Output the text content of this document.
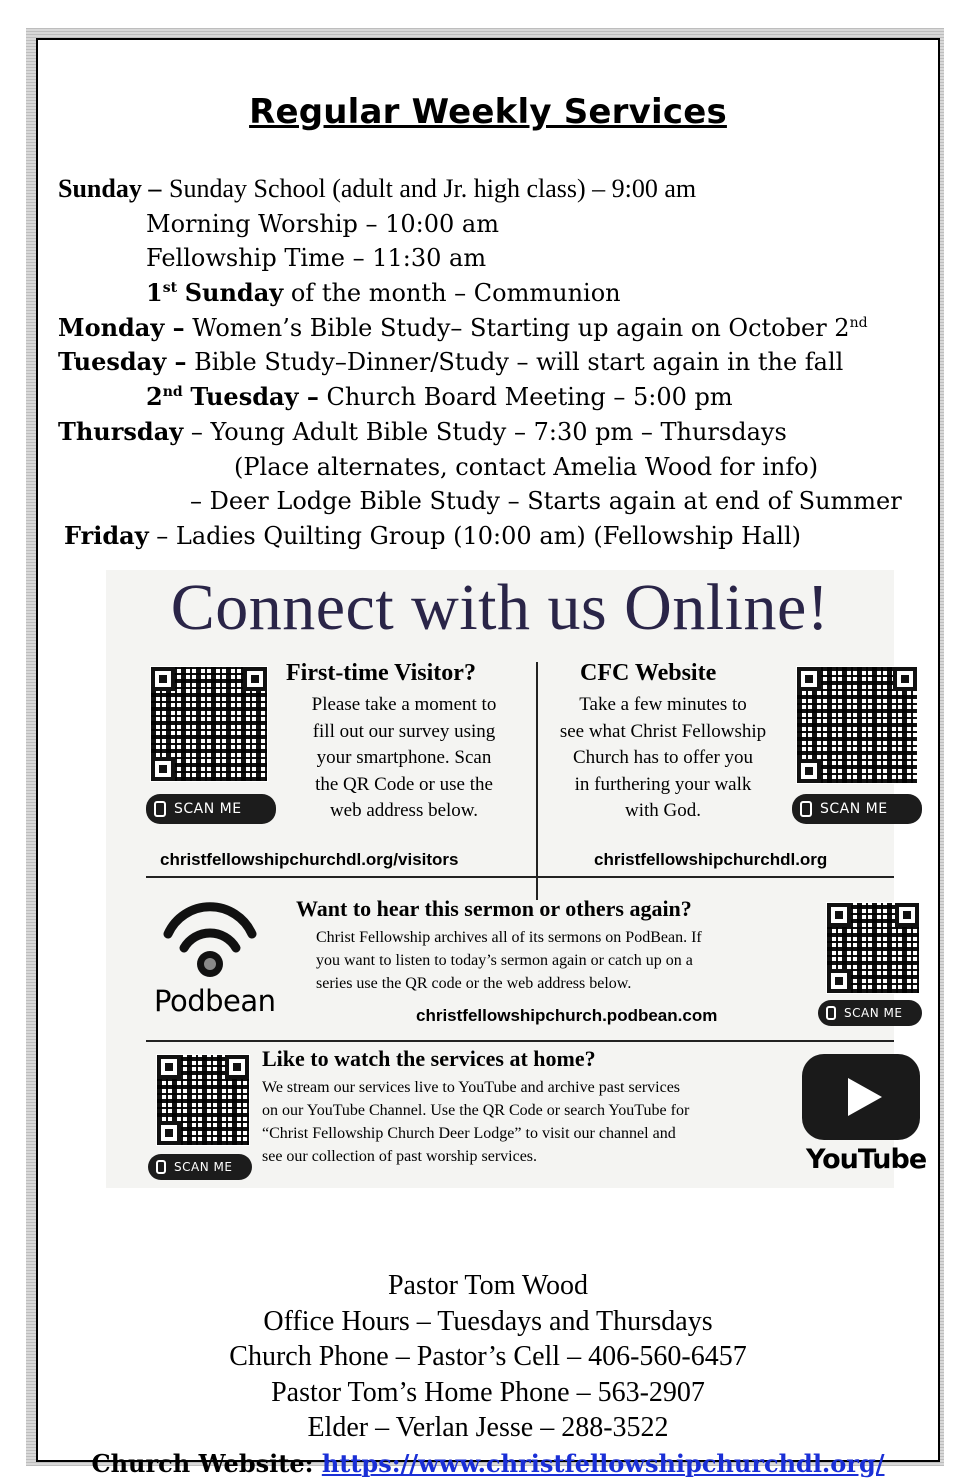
Regular Weekly Services
Sunday – Sunday School (adult and Jr. high class) – 9:00 am
Morning Worship – 10:00 am
Fellowship Time – 11:30 am
1st Sunday of the month – Communion
Monday – Women’s Bible Study– Starting up again on October 2nd
Tuesday – Bible Study–Dinner/Study – will start again in the fall
2nd Tuesday – Church Board Meeting – 5:00 pm
Thursday – Young Adult Bible Study – 7:30 pm – Thursdays
(Place alternates, contact Amelia Wood for info)
– Deer Lodge Bible Study – Starts again at end of Summer
Friday – Ladies Quilting Group (10:00 am) (Fellowship Hall)
Connect with us Online!
SCAN ME
First-time Visitor?
Please take a moment to
fill out our survey using
your smartphone. Scan
the QR Code or use the
web address below.
christfellowshipchurchdl.org/visitors
CFC Website
Take a few minutes to
see what Christ Fellowship
Church has to offer you
in furthering your walk
with God.	SCAN ME
christfellowshipchurchdl.org
Podbean
Want to hear this sermon or others again?
Christ Fellowship archives all of its sermons on PodBean. If
you want to listen to today’s sermon again or catch up on a
series use the QR code or the web address below.
christfellowshipchurch.podbean.com	SCAN ME
SCAN ME
Like to watch the services at home?
We stream our services live to YouTube and archive past services
on our YouTube Channel. Use the QR Code or search YouTube for
“Christ Fellowship Church Deer Lodge” to visit our channel and
see our collection of past worship services.	YouTube
Pastor Tom Wood
Office Hours – Tuesdays and Thursdays
Church Phone – Pastor’s Cell – 406-560-6457
Pastor Tom’s Home Phone – 563-2907
Elder – Verlan Jesse – 288-3522
Church Website: https://www.christfellowshipchurchdl.org/
